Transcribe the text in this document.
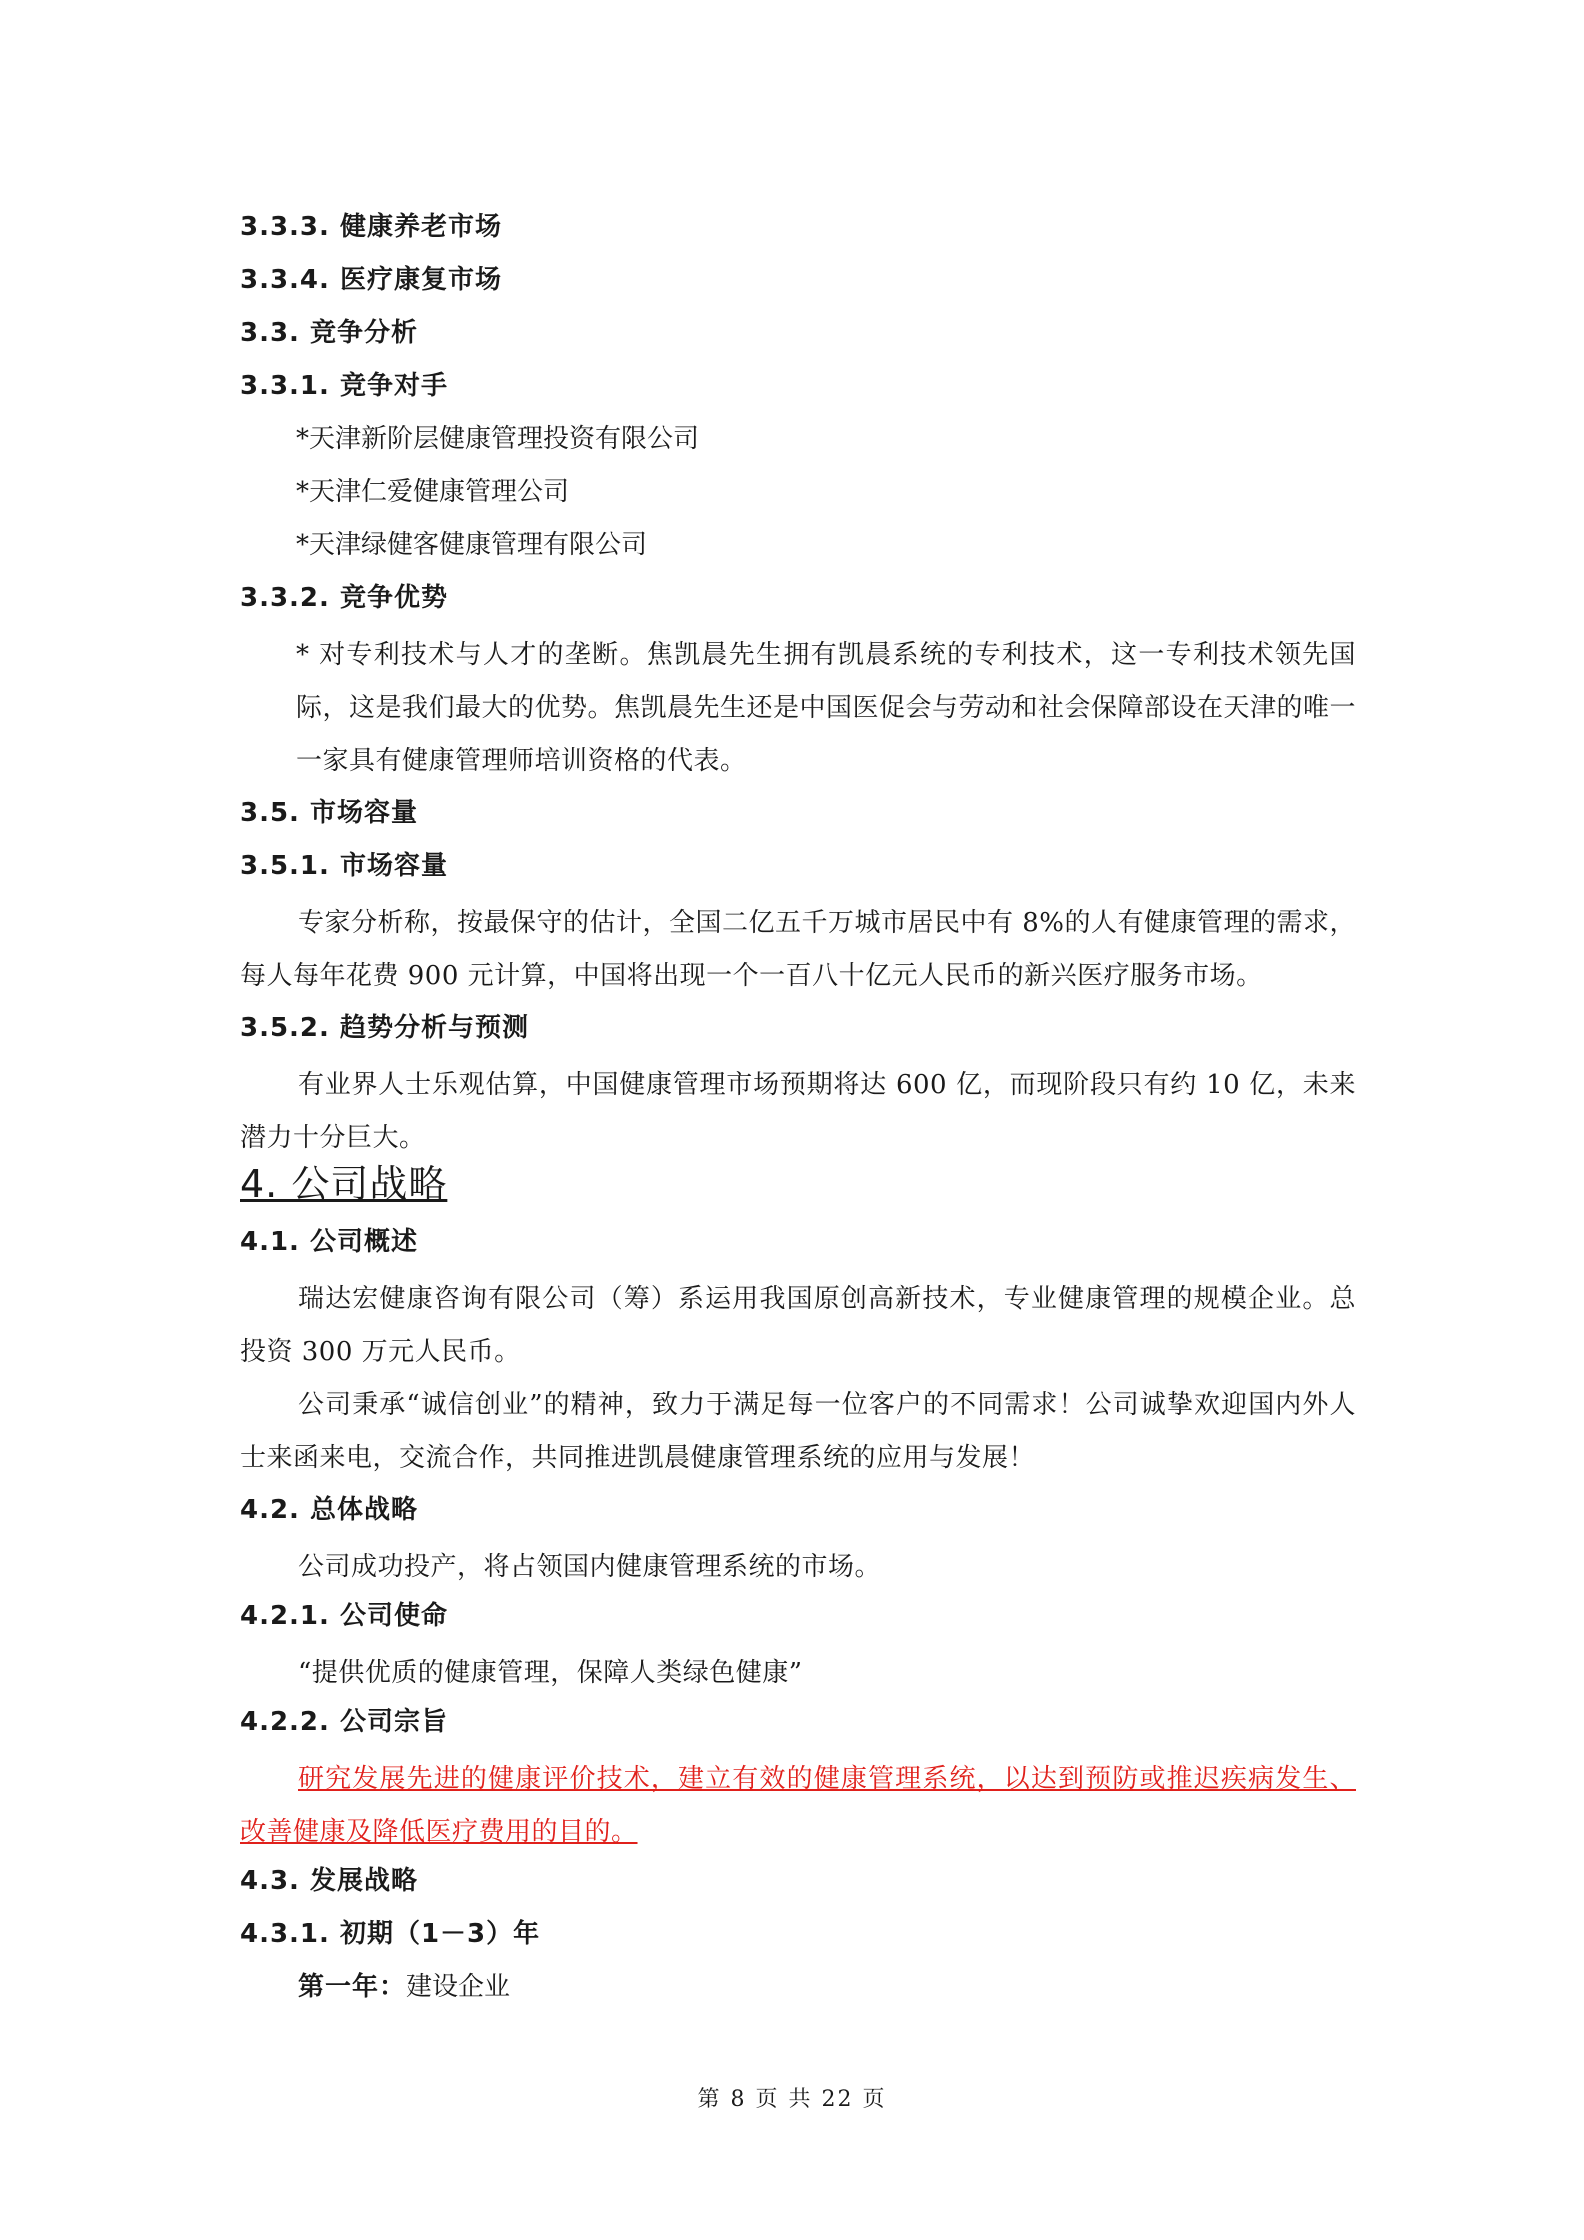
3.3.3. 健康养老市场
3.3.4. 医疗康复市场
3.3. 竞争分析
3.3.1. 竞争对手
*天津新阶层健康管理投资有限公司
*天津仁爱健康管理公司
*天津绿健客健康管理有限公司
3.3.2. 竞争优势
* 对专利技术与人才的垄断。焦凯晨先生拥有凯晨系统的专利技术，这一专利技术领先国际，这是我们最大的优势。焦凯晨先生还是中国医促会与劳动和社会保障部设在天津的唯一一家具有健康管理师培训资格的代表。
3.5. 市场容量
3.5.1. 市场容量
专家分析称，按最保守的估计，全国二亿五千万城市居民中有 8%的人有健康管理的需求，每人每年花费 900 元计算，中国将出现一个一百八十亿元人民币的新兴医疗服务市场。
3.5.2. 趋势分析与预测
有业界人士乐观估算，中国健康管理市场预期将达 600 亿，而现阶段只有约 10 亿，未来潜力十分巨大。
4. 公司战略
4.1. 公司概述
瑞达宏健康咨询有限公司（筹）系运用我国原创高新技术，专业健康管理的规模企业。总投资 300 万元人民币。
公司秉承“诚信创业”的精神，致力于满足每一位客户的不同需求！公司诚挚欢迎国内外人士来函来电，交流合作，共同推进凯晨健康管理系统的应用与发展！
4.2. 总体战略
公司成功投产，将占领国内健康管理系统的市场。
4.2.1. 公司使命
“提供优质的健康管理，保障人类绿色健康”
4.2.2. 公司宗旨
研究发展先进的健康评价技术，建立有效的健康管理系统，以达到预防或推迟疾病发生、改善健康及降低医疗费用的目的。
4.3. 发展战略
4.3.1. 初期（1－3）年
第一年：建设企业
第 8 页 共 22 页
